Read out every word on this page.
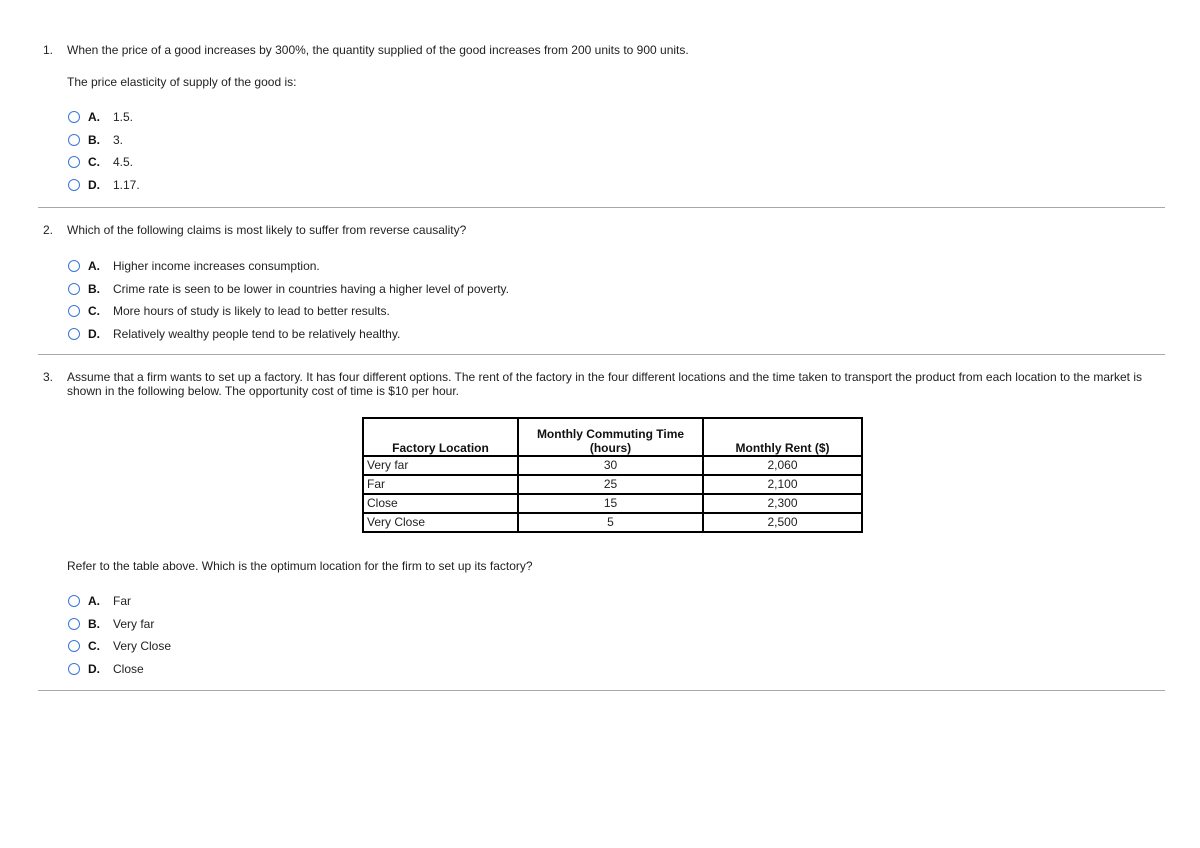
1. When the price of a good increases by 300%, the quantity supplied of the good increases from 200 units to 900 units.
The price elasticity of supply of the good is:
A.	1.5.
B.	3.
C.	4.5.
D.	1.17.
2. Which of the following claims is most likely to suffer from reverse causality?
A.	Higher income increases consumption.
B.	Crime rate is seen to be lower in countries having a higher level of poverty.
C.	More hours of study is likely to lead to better results.
D.	Relatively wealthy people tend to be relatively healthy.
3. Assume that a firm wants to set up a factory. It has four different options. The rent of the factory in the four different locations and the time taken to transport the product from each location to the market is shown in the following below. The opportunity cost of time is $10 per hour.
Refer to the table above. Which is the optimum location for the firm to set up its factory?
A.	Far
B.	Very far
C.	Very Close
D.	Close
Factory Location	Monthly Commuting Time (hours)	Monthly Rent ($)
Very far	30	2,060
Far	25	2,100
Close	15	2,300
Very Close	5	2,500
